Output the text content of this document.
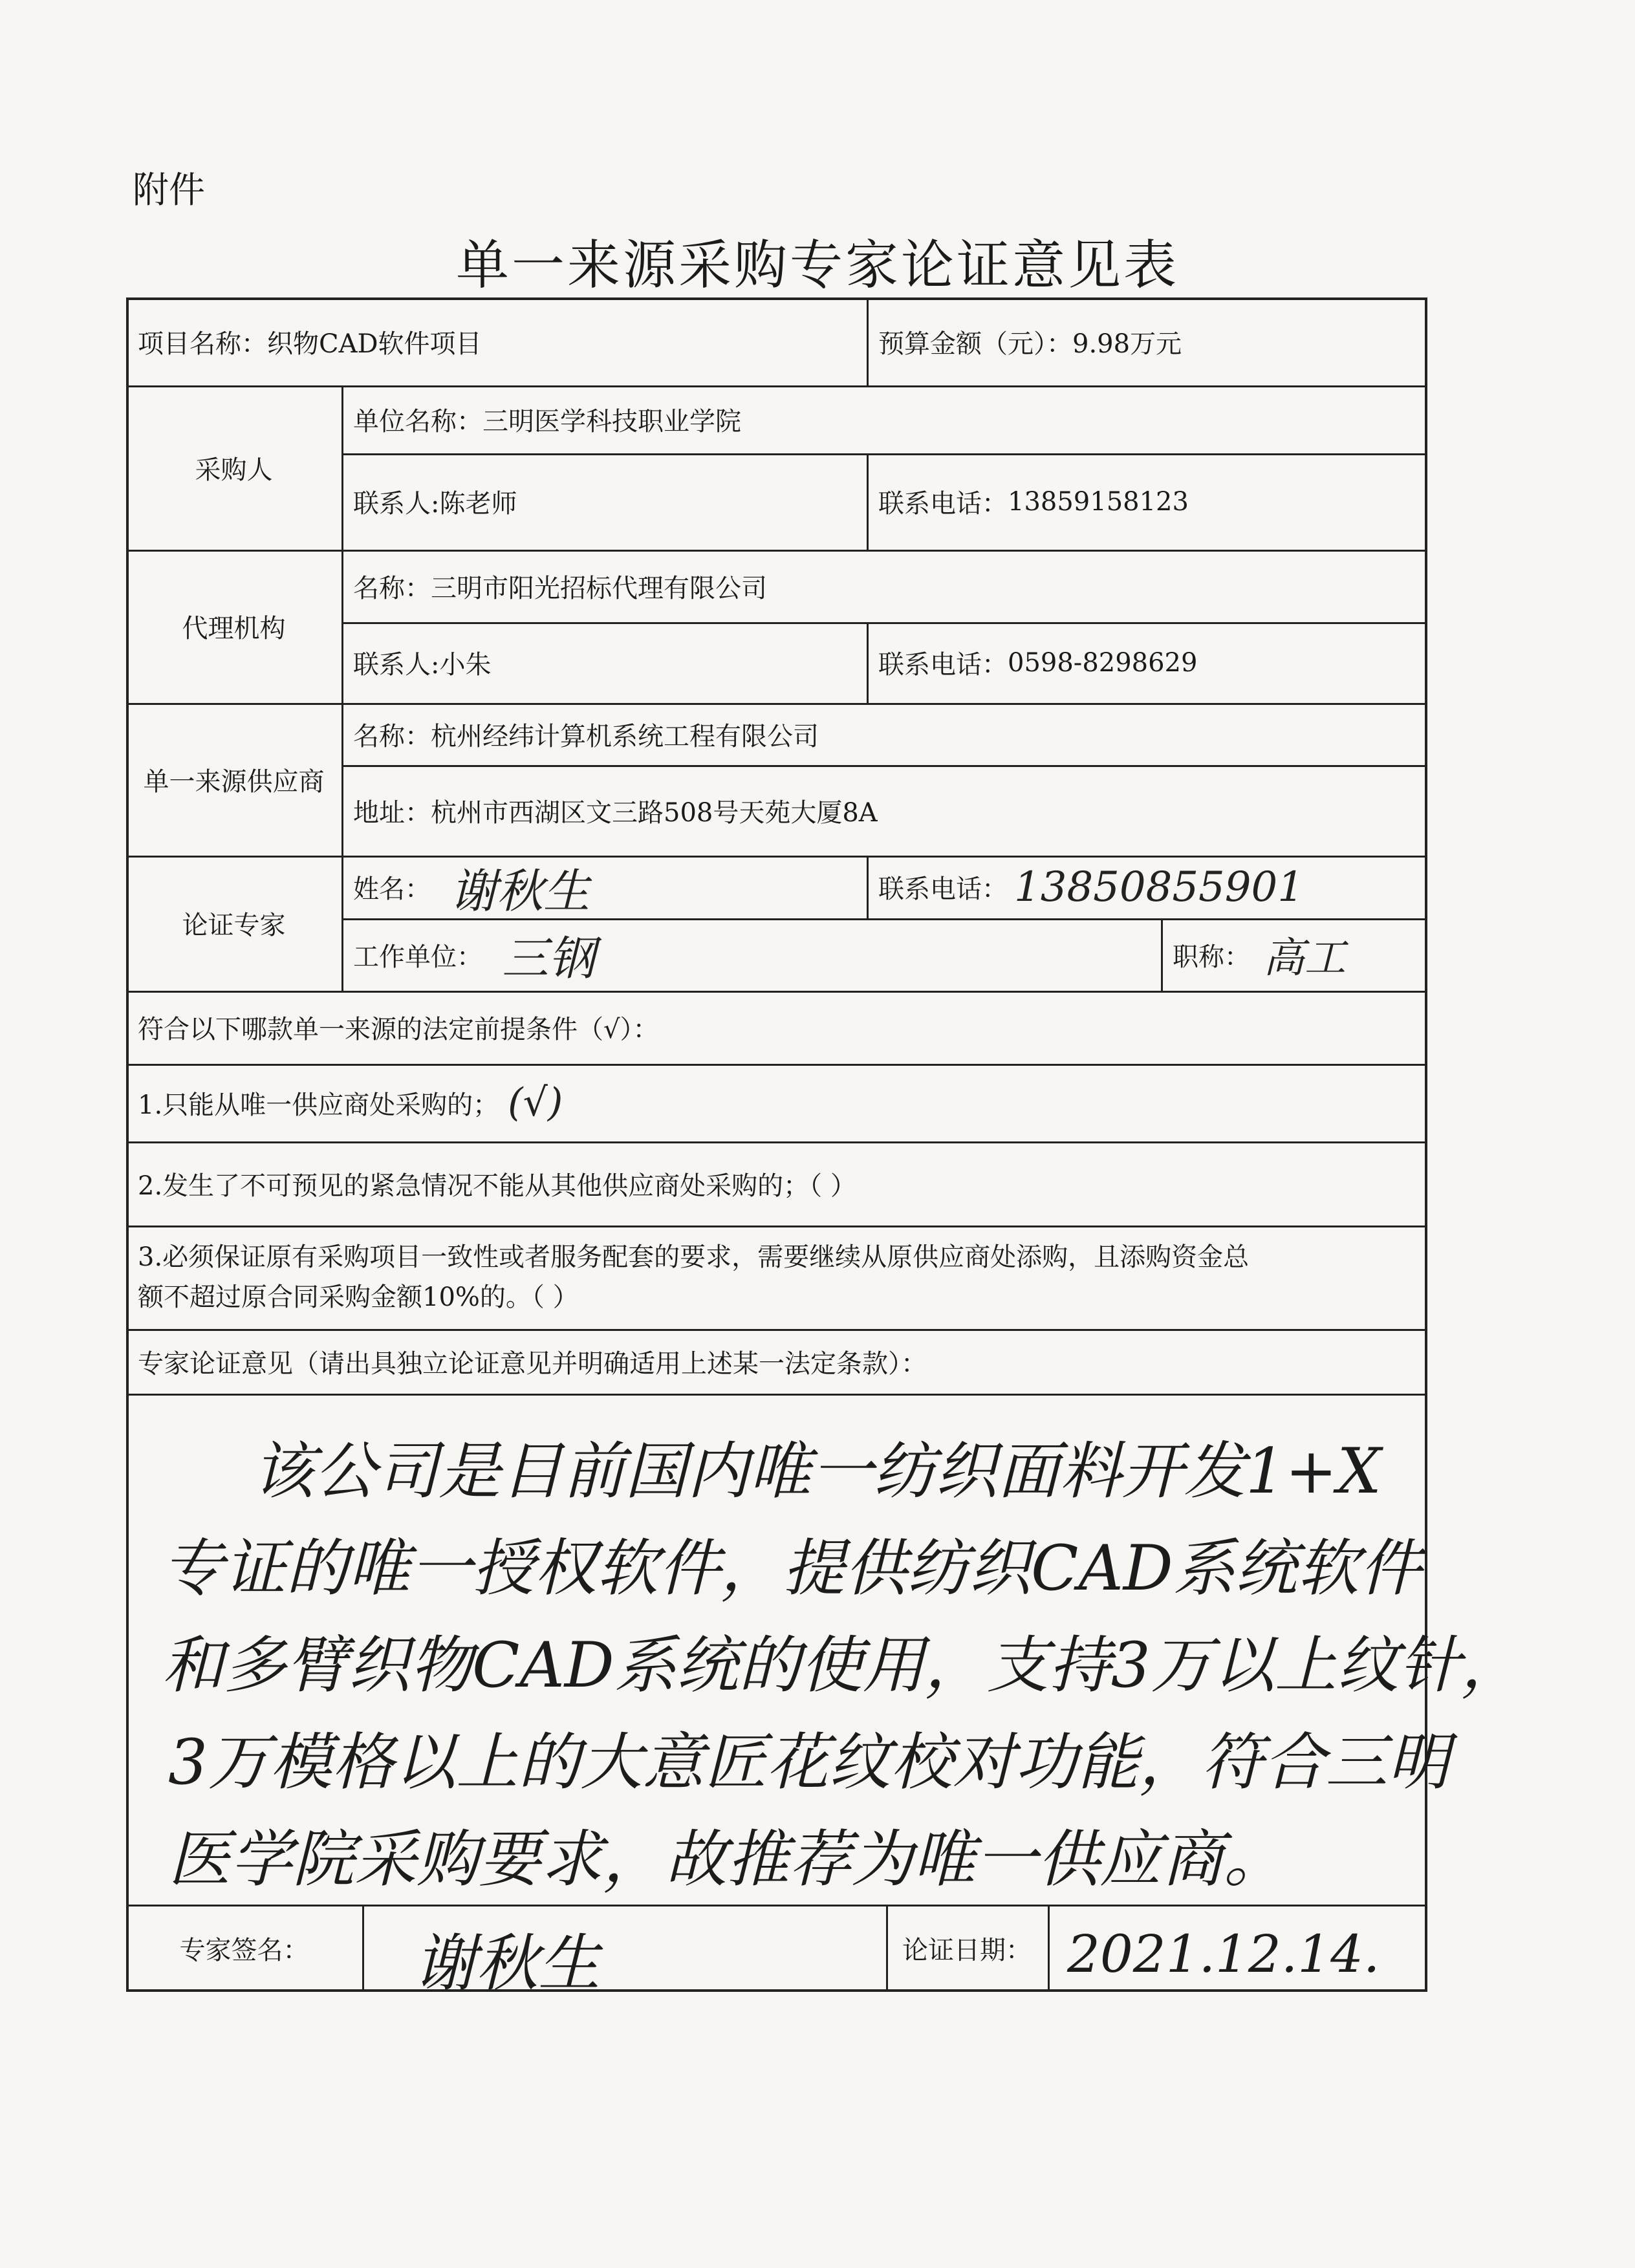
附件
单一来源采购专家论证意见表
项目名称： 织物CAD软件项目	预算金额（元）： 9.98万元
采购人
单位名称： 三明医学科技职业学院
联系人: 陈老师	联系电话： 13859158123
代理机构
名称： 三明市阳光招标代理有限公司
联系人: 小朱	联系电话： 0598-8298629
单一来源供应商
名称： 杭州经纬计算机系统工程有限公司
地址： 杭州市西湖区文三路508号天苑大厦8A
论证专家
姓名： 谢秋生	联系电话： 13850855901
工作单位： 三钢	职称： 高工
符合以下哪款单一来源的法定前提条件（√）：
1.只能从唯一供应商处采购的； (√)
2.发生了不可预见的紧急情况不能从其他供应商处采购的；（ ）
3.必须保证原有采购项目一致性或者服务配套的要求，需要继续从原供应商处添购，且添购资金总
额不超过原合同采购金额10%的。（ ）
专家论证意见（请出具独立论证意见并明确适用上述某一法定条款）：
该公司是目前国内唯一纺织面料开发1+X
专证的唯一授权软件，提供纺织CAD系统软件
和多臂织物CAD系统的使用，支持3万以上纹针，
3万模格以上的大意匠花纹校对功能，符合三明
医学院采购要求，故推荐为唯一供应商。
专家签名：	谢秋生	论证日期： 2021.12.14.
